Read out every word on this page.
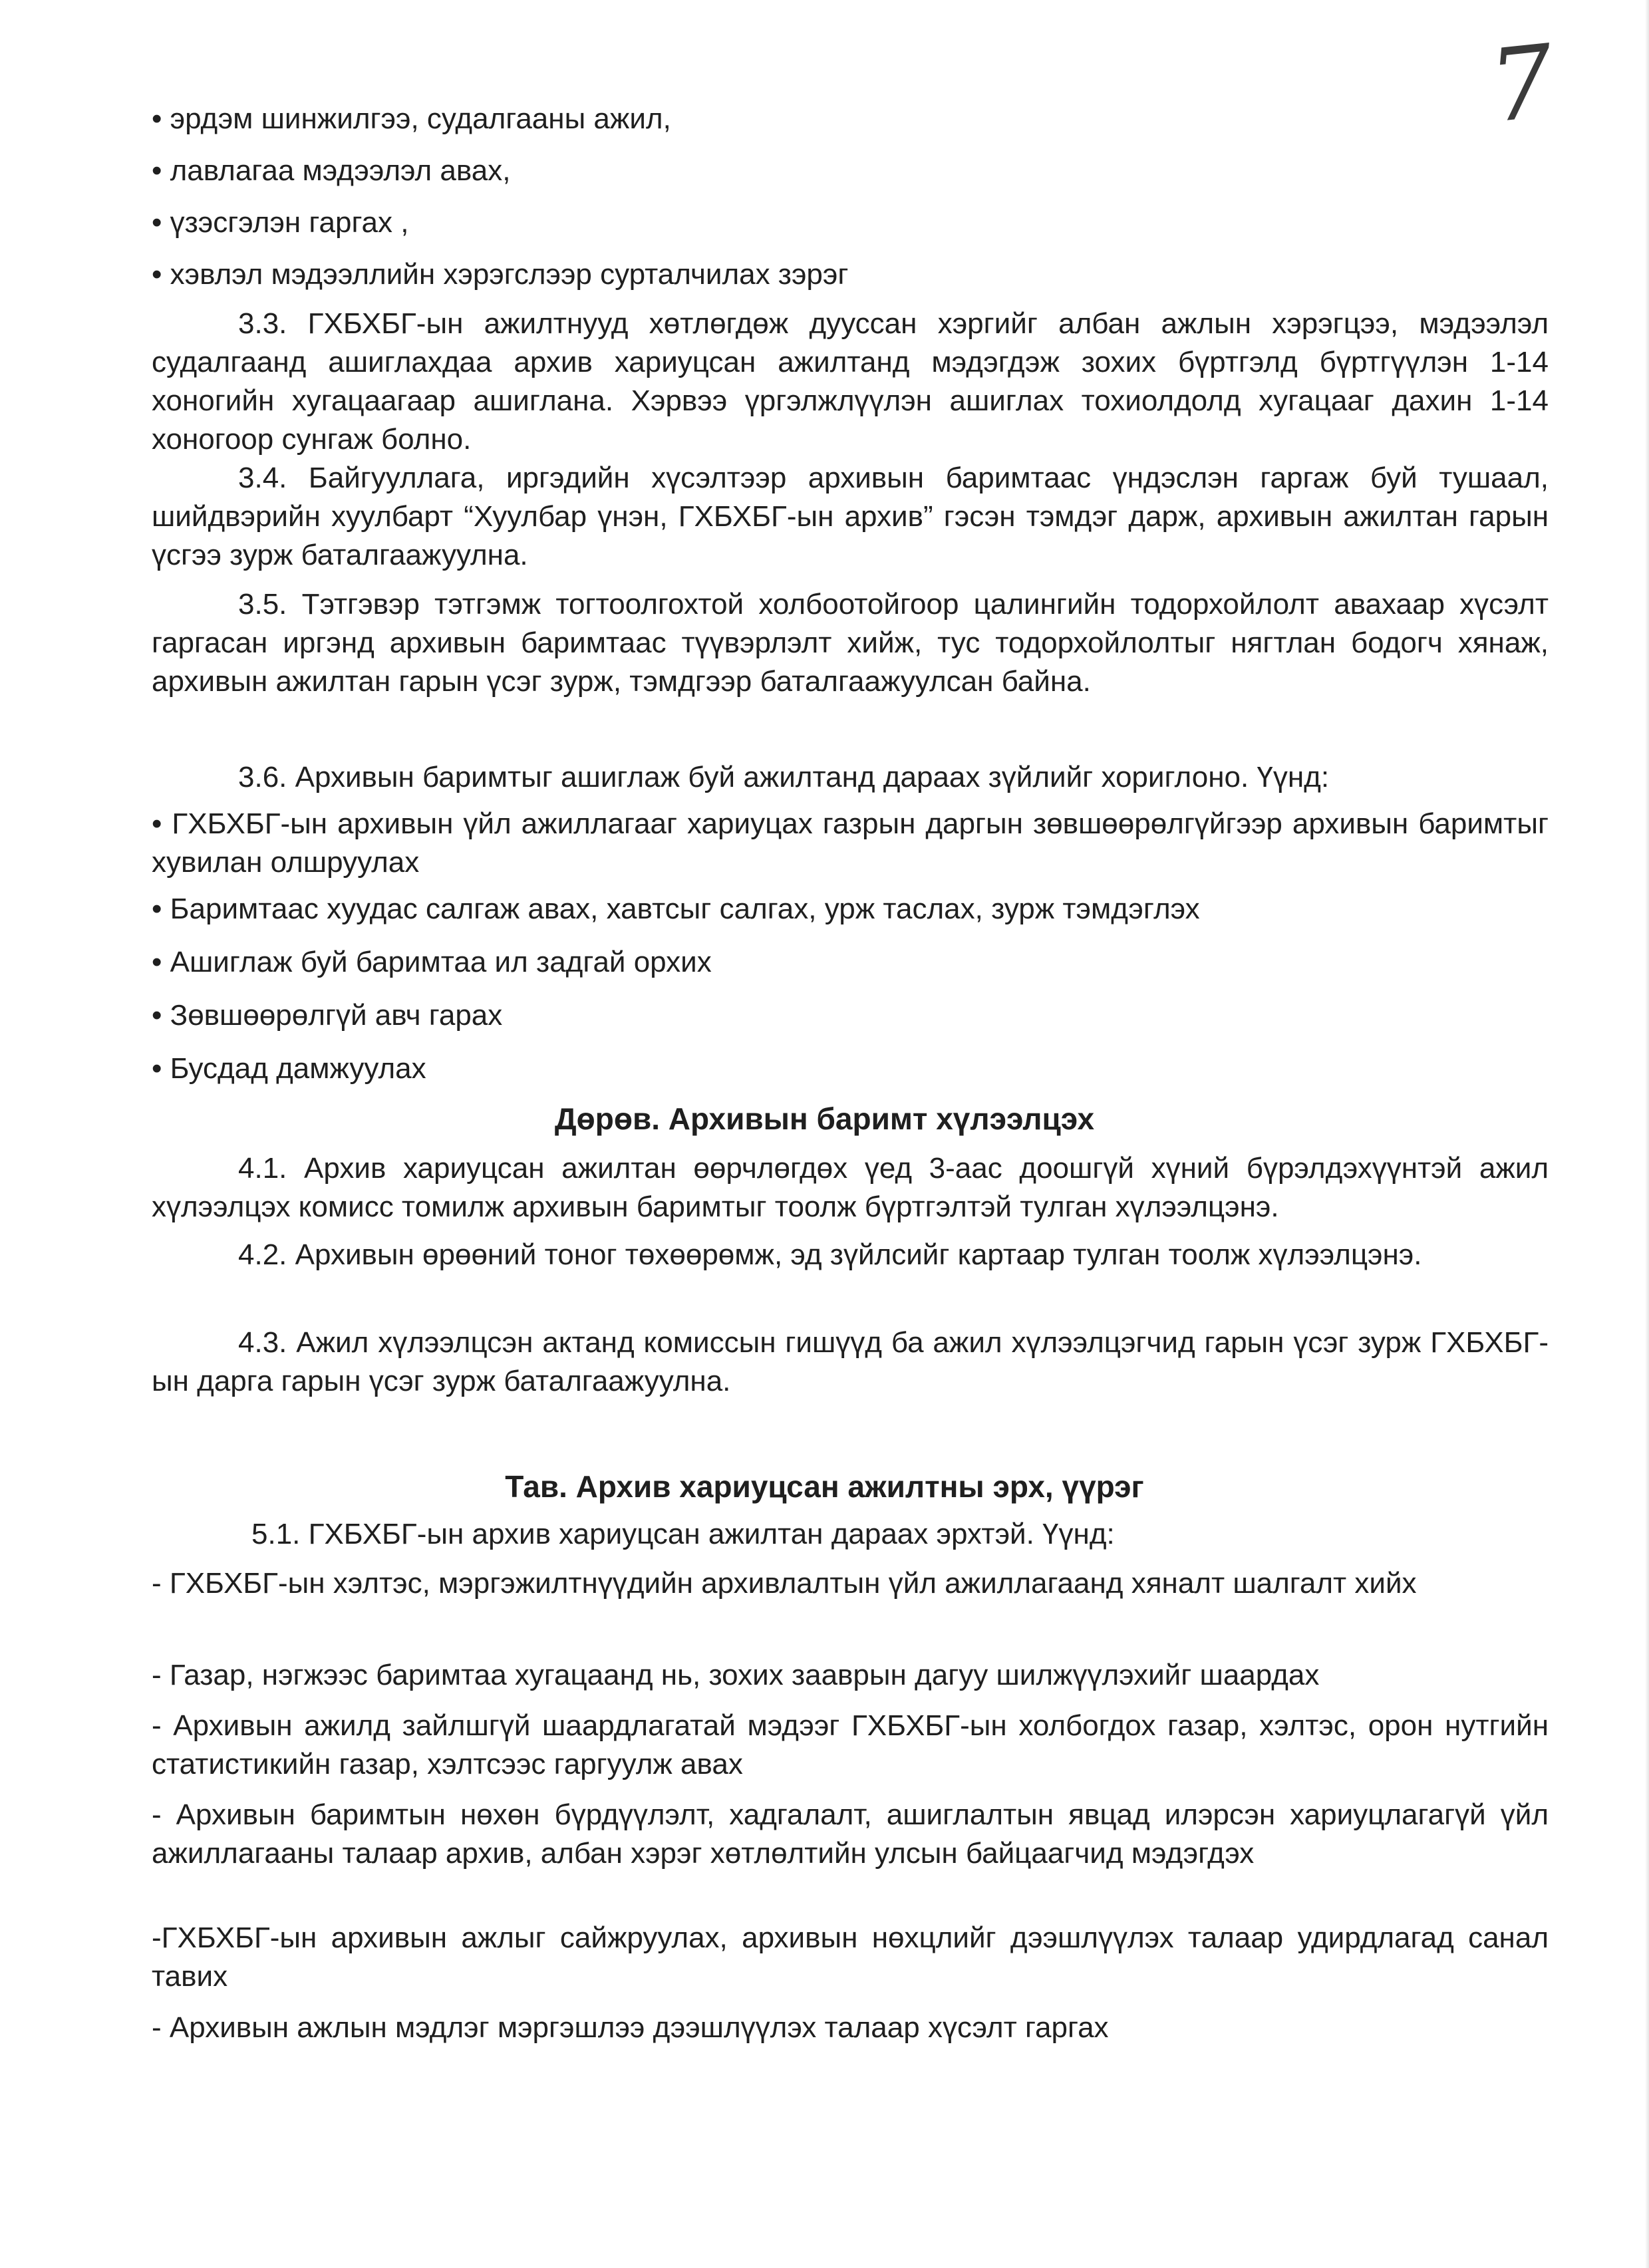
7
• эрдэм шинжилгээ, судалгааны ажил,
• лавлагаа мэдээлэл авах,
• үзэсгэлэн гаргах ,
• хэвлэл мэдээллийн хэрэгслээр сурталчилах зэрэг
3.3. ГХБХБГ-ын ажилтнууд хөтлөгдөж дууссан хэргийг албан ажлын хэрэгцээ, мэдээлэл судалгаанд ашиглахдаа архив хариуцсан ажилтанд мэдэгдэж зохих бүртгэлд бүртгүүлэн 1-14 хоногийн хугацаагаар ашиглана. Хэрвээ үргэлжлүүлэн ашиглах тохиолдолд хугацааг дахин 1-14 хоногоор сунгаж болно.
3.4. Байгууллага, иргэдийн хүсэлтээр архивын баримтаас үндэслэн гаргаж буй тушаал, шийдвэрийн хуулбарт “Хуулбар үнэн, ГХБХБГ-ын архив” гэсэн тэмдэг дарж, архивын ажилтан гарын үсгээ зурж баталгаажуулна.
3.5. Тэтгэвэр тэтгэмж тогтоолгохтой холбоотойгоор цалингийн тодорхойлолт авахаар хүсэлт гаргасан иргэнд архивын баримтаас түүвэрлэлт хийж, тус тодорхойлолтыг нягтлан бодогч хянаж, архивын ажилтан гарын үсэг зурж, тэмдгээр баталгаажуулсан байна.
3.6. Архивын баримтыг ашиглаж буй ажилтанд дараах зүйлийг хориглоно. Үүнд:
• ГХБХБГ-ын архивын үйл ажиллагааг хариуцах газрын даргын зөвшөөрөлгүйгээр архивын баримтыг хувилан олшруулах
• Баримтаас хуудас салгаж авах, хавтсыг салгах, урж таслах, зурж тэмдэглэх
• Ашиглаж буй баримтаа ил задгай орхих
• Зөвшөөрөлгүй авч гарах
• Бусдад дамжуулах
Дөрөв. Архивын баримт хүлээлцэх
4.1. Архив хариуцсан ажилтан өөрчлөгдөх үед 3-аас доошгүй хүний бүрэлдэхүүнтэй ажил хүлээлцэх комисс томилж архивын баримтыг тоолж бүртгэлтэй тулган хүлээлцэнэ.
4.2. Архивын өрөөний тоног төхөөрөмж, эд зүйлсийг картаар тулган тоолж хүлээлцэнэ.
4.3. Ажил хүлээлцсэн актанд комиссын гишүүд ба ажил хүлээлцэгчид гарын үсэг зурж ГХБХБГ-ын дарга гарын үсэг зурж баталгаажуулна.
Тав. Архив хариуцсан ажилтны эрх, үүрэг
5.1. ГХБХБГ-ын архив хариуцсан ажилтан дараах эрхтэй. Үүнд:
- ГХБХБГ-ын хэлтэс, мэргэжилтнүүдийн архивлалтын үйл ажиллагаанд хяналт шалгалт хийх
- Газар, нэгжээс баримтаа хугацаанд нь, зохих зааврын дагуу шилжүүлэхийг шаардах
- Архивын ажилд зайлшгүй шаардлагатай мэдээг ГХБХБГ-ын холбогдох газар, хэлтэс, орон нутгийн статистикийн газар, хэлтсээс гаргуулж авах
- Архивын баримтын нөхөн бүрдүүлэлт, хадгалалт, ашиглалтын явцад илэрсэн хариуцлагагүй үйл ажиллагааны талаар архив, албан хэрэг хөтлөлтийн улсын байцаагчид мэдэгдэх
-ГХБХБГ-ын архивын ажлыг сайжруулах, архивын нөхцлийг дээшлүүлэх талаар удирдлагад санал тавих
- Архивын ажлын мэдлэг мэргэшлээ дээшлүүлэх талаар хүсэлт гаргах
